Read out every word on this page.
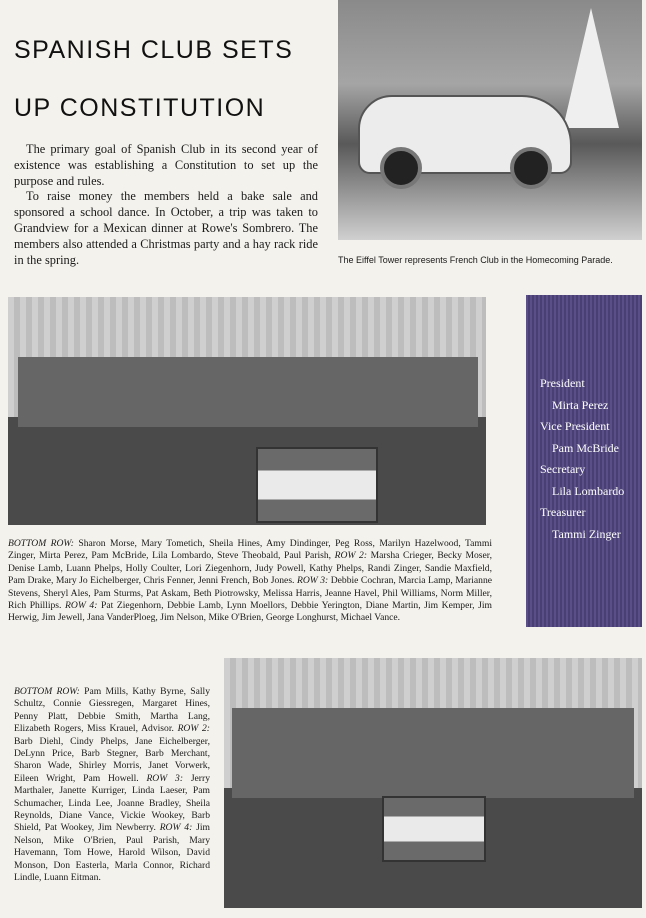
SPANISH CLUB SETS
UP CONSTITUTION

The primary goal of Spanish Club in its second year of existence was establishing a Constitution to set up the purpose and rules.

To raise money the members held a bake sale and sponsored a school dance. In October, a trip was taken to Grandview for a Mexican dinner at Rowe's Sombrero. The members also attended a Christmas party and a hay rack ride in the spring.	The Eiffel Tower represents French Club in the Homecoming Parade.
President
Mirta Perez
Vice President
Pam McBride
Secretary
Lila Lombardo
Treasurer
Tammi Zinger
BOTTOM ROW: Sharon Morse, Mary Tometich, Sheila Hines, Amy Dindinger, Peg Ross, Marilyn Hazelwood, Tammi Zinger, Mirta Perez, Pam McBride, Lila Lombardo, Steve Theobald, Paul Parish, ROW 2: Marsha Crieger, Becky Moser, Denise Lamb, Luann Phelps, Holly Coulter, Lori Ziegenhorn, Judy Powell, Kathy Phelps, Randi Zinger, Sandie Maxfield, Pam Drake, Mary Jo Eichelberger, Chris Fenner, Jenni French, Bob Jones. ROW 3: Debbie Cochran, Marcia Lamp, Marianne Stevens, Sheryl Ales, Pam Sturms, Pat Askam, Beth Piotrowsky, Melissa Harris, Jeanne Havel, Phil Williams, Norm Miller, Rich Phillips. ROW 4: Pat Ziegenhorn, Debbie Lamb, Lynn Moellors, Debbie Yerington, Diane Martin, Jim Kemper, Jim Herwig, Jim Jewell, Jana VanderPloeg, Jim Nelson, Mike O'Brien, George Longhurst, Michael Vance.
BOTTOM ROW: Pam Mills, Kathy Byrne, Sally Schultz, Connie Giessregen, Margaret Hines, Penny Platt, Debbie Smith, Martha Lang, Elizabeth Rogers, Miss Krauel, Advisor. ROW 2: Barb Diehl, Cindy Phelps, Jane Eichelberger, DeLynn Price, Barb Stegner, Barb Merchant, Sharon Wade, Shirley Morris, Janet Vorwerk, Eileen Wright, Pam Howell. ROW 3: Jerry Marthaler, Janette Kurriger, Linda Laeser, Pam Schumacher, Linda Lee, Joanne Bradley, Sheila Reynolds, Diane Vance, Vickie Wookey, Barb Shield, Pat Wookey, Jim Newberry. ROW 4: Jim Nelson, Mike O'Brien, Paul Parish, Mary Havemann, Tom Howe, Harold Wilson, David Monson, Don Easterla, Marla Connor, Richard Lindle, Luann Eitman.
